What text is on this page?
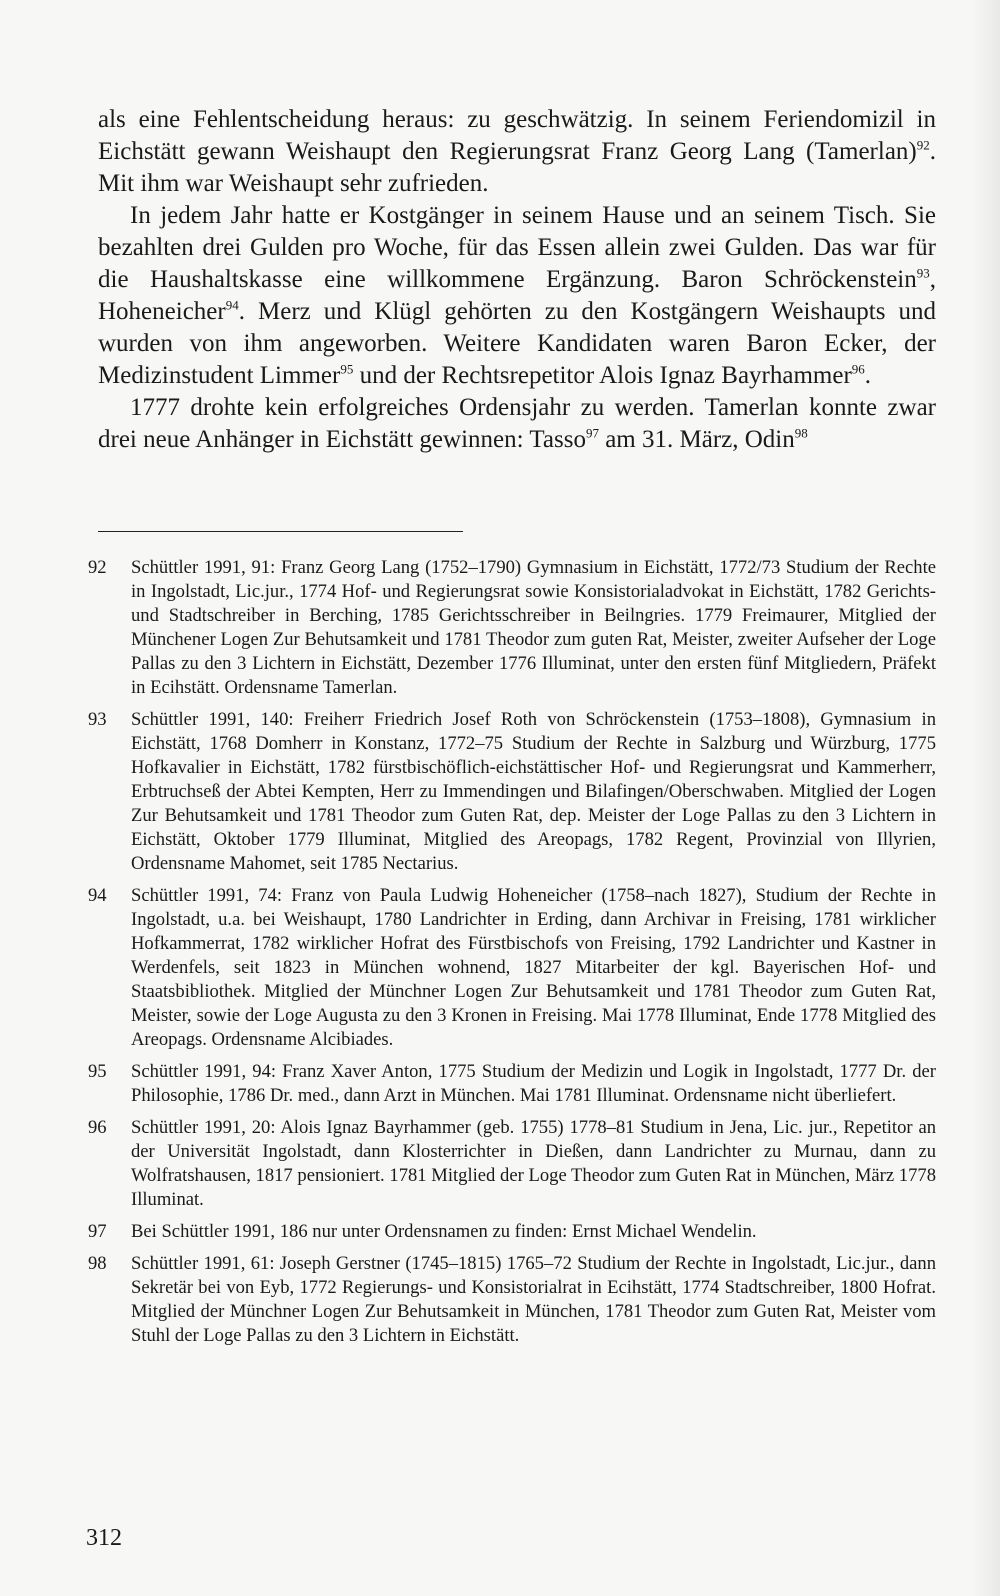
als eine Fehlentscheidung heraus: zu geschwätzig. In seinem Feriendomizil in Eichstätt gewann Weishaupt den Regierungsrat Franz Georg Lang (Tamerlan)$^{92}$. Mit ihm war Weishaupt sehr zufrieden.

In jedem Jahr hatte er Kostgänger in seinem Hause und an seinem Tisch. Sie bezahlten drei Gulden pro Woche, für das Essen allein zwei Gulden. Das war für die Haushaltskasse eine willkommene Ergänzung. Baron Schröckenstein$^{93}$, Hoheneicher$^{94}$. Merz und Klügl gehörten zu den Kostgängern Weishaupts und wurden von ihm angeworben. Weitere Kandidaten waren Baron Ecker, der Medizinstudent Limmer$^{95}$ und der Rechtsrepetitor Alois Ignaz Bayrhammer$^{96}$.

1777 drohte kein erfolgreiches Ordensjahr zu werden. Tamerlan konnte zwar drei neue Anhänger in Eichstätt gewinnen: Tasso$^{97}$ am 31. März, Odin$^{98}$

92	Schüttler 1991, 91: Franz Georg Lang (1752–1790) Gymnasium in Eichstätt, 1772/73 Studium der Rechte in Ingolstadt, Lic.jur., 1774 Hof- und Regierungsrat sowie Konsistorialadvokat in Eichstätt, 1782 Gerichts- und Stadtschreiber in Berching, 1785 Gerichtsschreiber in Beilngries. 1779 Freimaurer, Mitglied der Münchener Logen Zur Behutsamkeit und 1781 Theodor zum guten Rat, Meister, zweiter Aufseher der Loge Pallas zu den 3 Lichtern in Eichstätt, Dezember 1776 Illuminat, unter den ersten fünf Mitgliedern, Präfekt in Ecihstätt. Ordensname Tamerlan.
93	Schüttler 1991, 140: Freiherr Friedrich Josef Roth von Schröckenstein (1753–1808), Gymnasium in Eichstätt, 1768 Domherr in Konstanz, 1772–75 Studium der Rechte in Salzburg und Würzburg, 1775 Hofkavalier in Eichstätt, 1782 fürstbischöflich-eichstättischer Hof- und Regierungsrat und Kammerherr, Erbtruchseß der Abtei Kempten, Herr zu Immendingen und Bilafingen/Oberschwaben. Mitglied der Logen Zur Behutsamkeit und 1781 Theodor zum Guten Rat, dep. Meister der Loge Pallas zu den 3 Lichtern in Eichstätt, Oktober 1779 Illuminat, Mitglied des Areopags, 1782 Regent, Provinzial von Illyrien, Ordensname Mahomet, seit 1785 Nectarius.
94	Schüttler 1991, 74: Franz von Paula Ludwig Hoheneicher (1758–nach 1827), Studium der Rechte in Ingolstadt, u.a. bei Weishaupt, 1780 Landrichter in Erding, dann Archivar in Freising, 1781 wirklicher Hofkammerrat, 1782 wirklicher Hofrat des Fürstbischofs von Freising, 1792 Landrichter und Kastner in Werdenfels, seit 1823 in München wohnend, 1827 Mitarbeiter der kgl. Bayerischen Hof- und Staatsbibliothek. Mitglied der Münchner Logen Zur Behutsamkeit und 1781 Theodor zum Guten Rat, Meister, sowie der Loge Augusta zu den 3 Kronen in Freising. Mai 1778 Illuminat, Ende 1778 Mitglied des Areopags. Ordensname Alcibiades.
95	Schüttler 1991, 94: Franz Xaver Anton, 1775 Studium der Medizin und Logik in Ingolstadt, 1777 Dr. der Philosophie, 1786 Dr. med., dann Arzt in München. Mai 1781 Illuminat. Ordensname nicht überliefert.
96	Schüttler 1991, 20: Alois Ignaz Bayrhammer (geb. 1755) 1778–81 Studium in Jena, Lic. jur., Repetitor an der Universität Ingolstadt, dann Klosterrichter in Dießen, dann Landrichter zu Murnau, dann zu Wolfratshausen, 1817 pensioniert. 1781 Mitglied der Loge Theodor zum Guten Rat in München, März 1778 Illuminat.
97	Bei Schüttler 1991, 186 nur unter Ordensnamen zu finden: Ernst Michael Wendelin.
98	Schüttler 1991, 61: Joseph Gerstner (1745–1815) 1765–72 Studium der Rechte in Ingolstadt, Lic.jur., dann Sekretär bei von Eyb, 1772 Regierungs- und Konsistorialrat in Ecihstätt, 1774 Stadtschreiber, 1800 Hofrat. Mitglied der Münchner Logen Zur Behutsamkeit in München, 1781 Theodor zum Guten Rat, Meister vom Stuhl der Loge Pallas zu den 3 Lichtern in Eichstätt.
312
